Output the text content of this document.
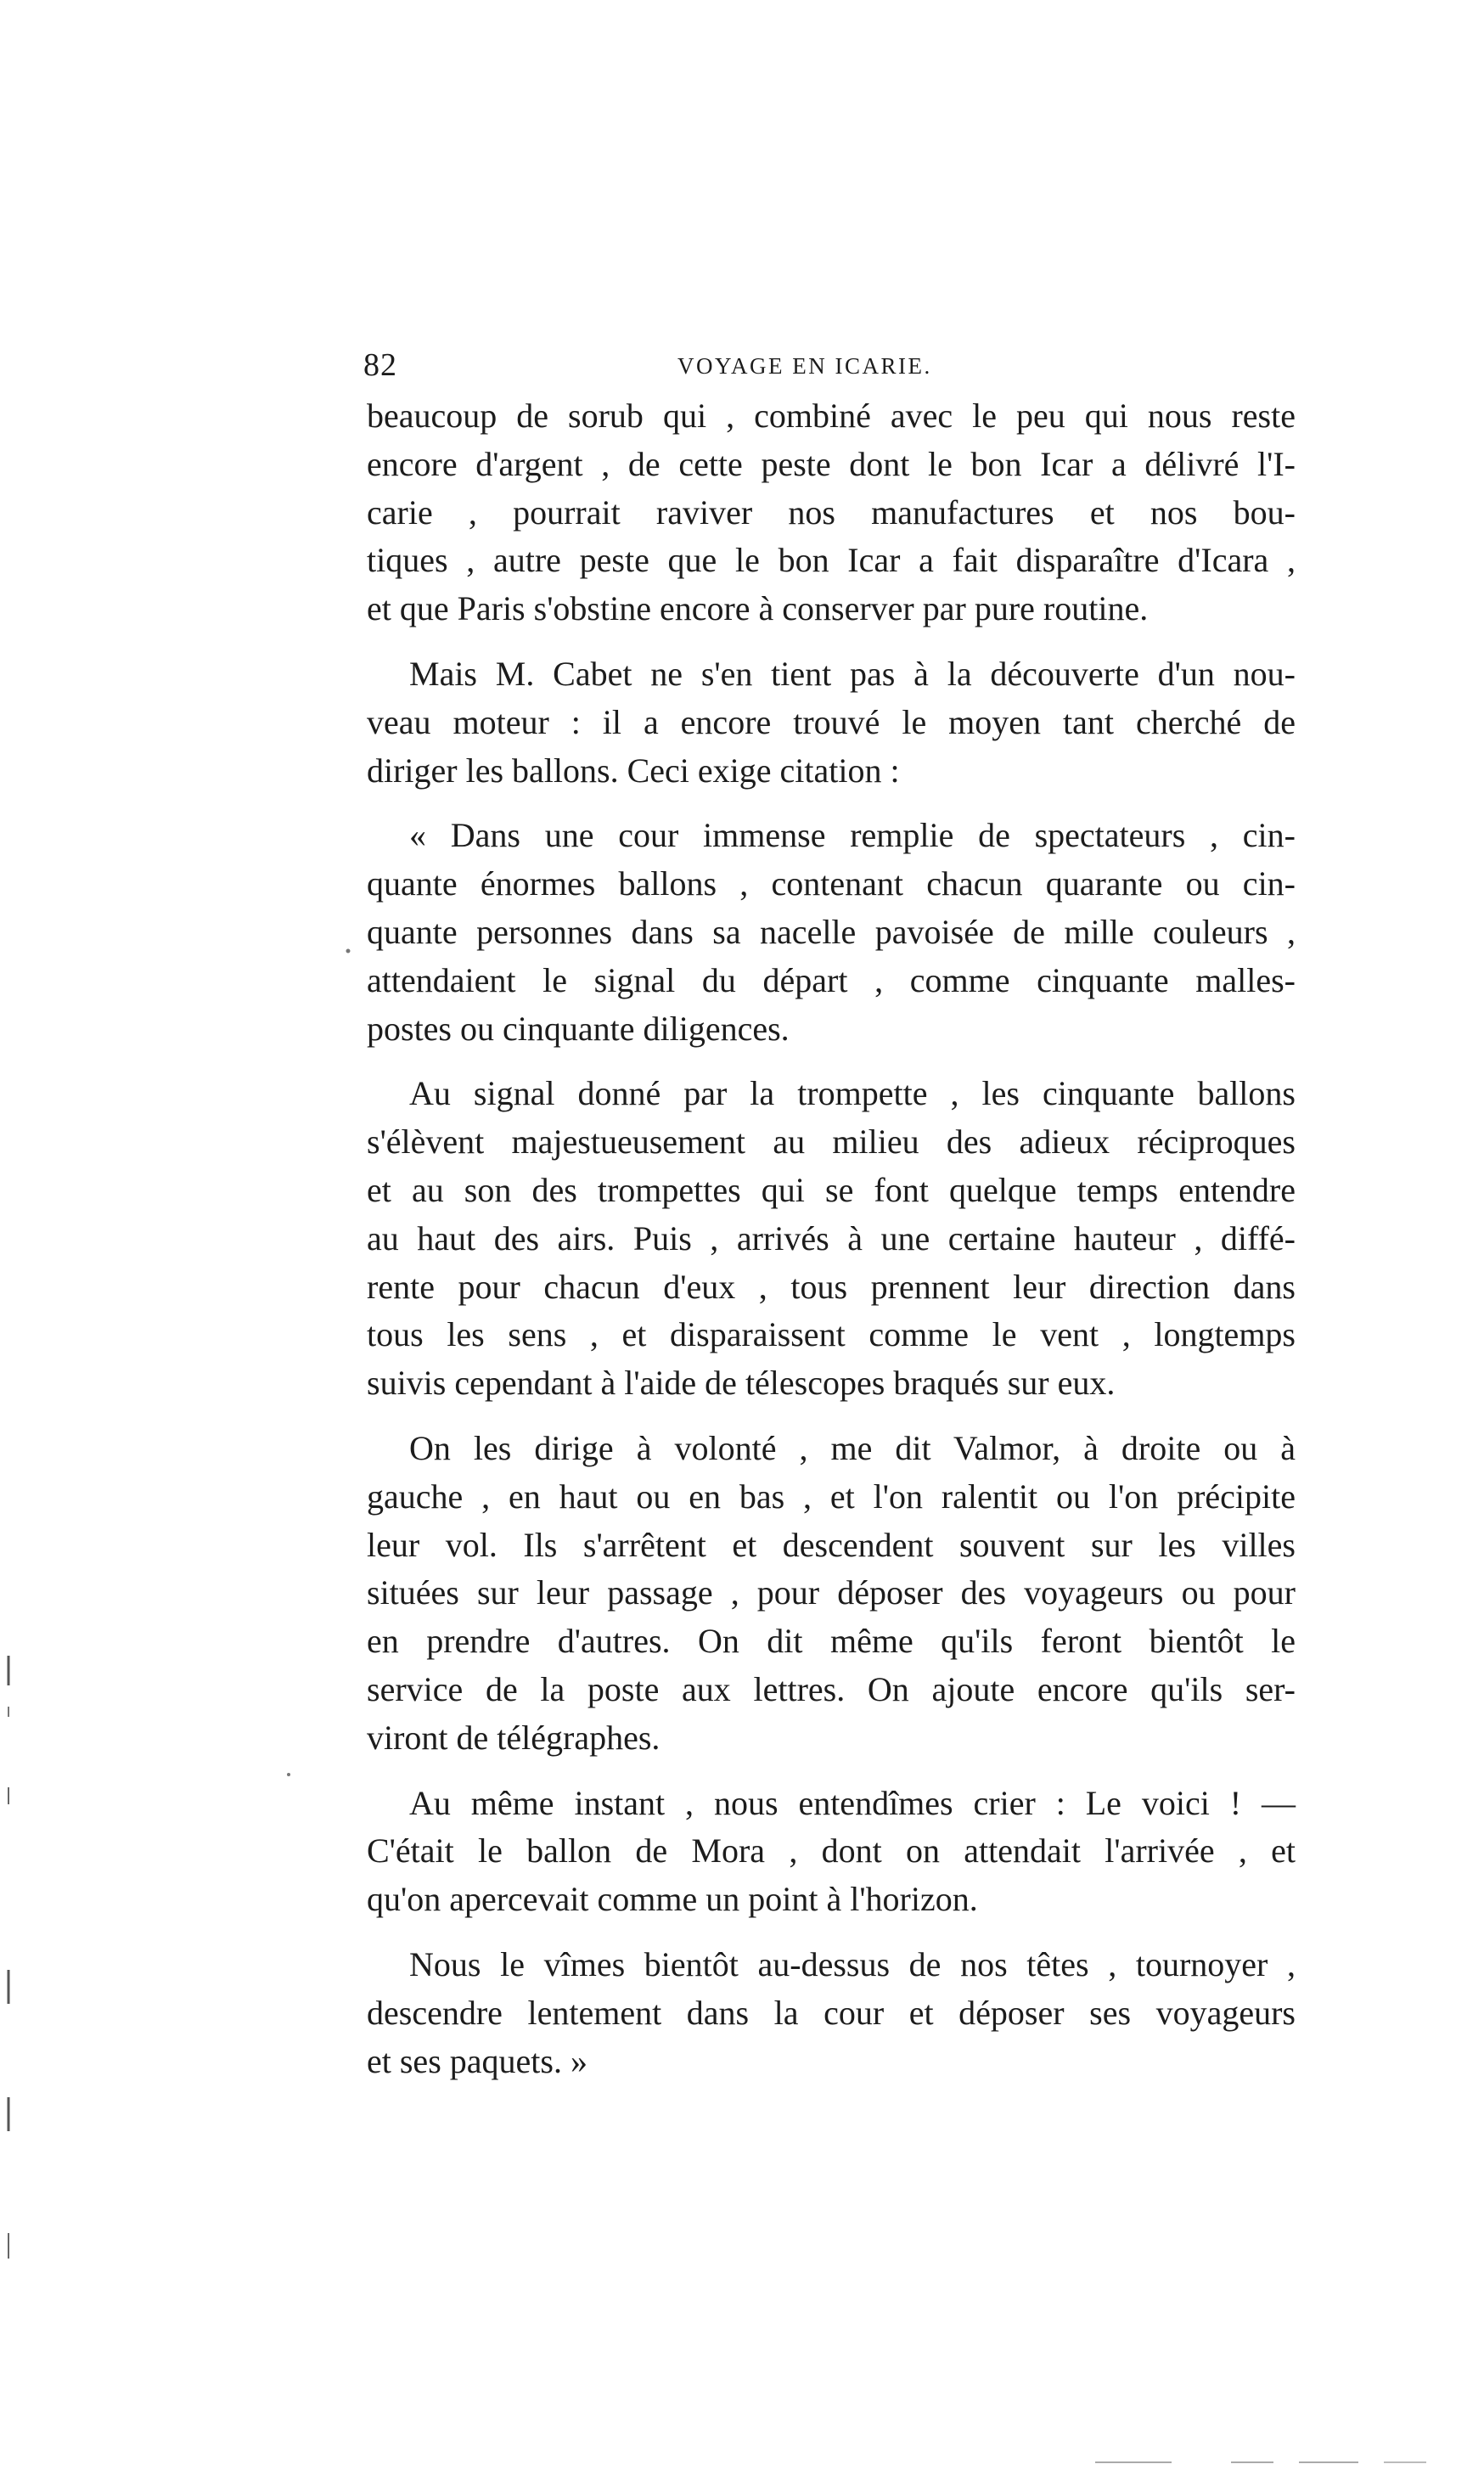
82	VOYAGE EN ICARIE.

beaucoup de sorub qui , combiné avec le peu qui nous reste
encore d'argent , de cette peste dont le bon Icar a délivré l'I-
carie , pourrait raviver nos manufactures et nos bou-
tiques , autre peste que le bon Icar a fait disparaître d'Icara ,
et que Paris s'obstine encore à conserver par pure routine.

Mais M. Cabet ne s'en tient pas à la découverte d'un nou-
veau moteur : il a encore trouvé le moyen tant cherché de
diriger les ballons. Ceci exige citation :

« Dans une cour immense remplie de spectateurs , cin-
quante énormes ballons , contenant chacun quarante ou cin-
quante personnes dans sa nacelle pavoisée de mille couleurs ,
attendaient le signal du départ , comme cinquante malles-
postes ou cinquante diligences.

Au signal donné par la trompette , les cinquante ballons
s'élèvent majestueusement au milieu des adieux réciproques
et au son des trompettes qui se font quelque temps entendre
au haut des airs. Puis , arrivés à une certaine hauteur , diffé-
rente pour chacun d'eux , tous prennent leur direction dans
tous les sens , et disparaissent comme le vent , longtemps
suivis cependant à l'aide de télescopes braqués sur eux.

On les dirige à volonté , me dit Valmor, à droite ou à
gauche , en haut ou en bas , et l'on ralentit ou l'on précipite
leur vol. Ils s'arrêtent et descendent souvent sur les villes
situées sur leur passage , pour déposer des voyageurs ou pour
en prendre d'autres. On dit même qu'ils feront bientôt le
service de la poste aux lettres. On ajoute encore qu'ils ser-
viront de télégraphes.

Au même instant , nous entendîmes crier : Le voici ! —
C'était le ballon de Mora , dont on attendait l'arrivée , et
qu'on apercevait comme un point à l'horizon.

Nous le vîmes bientôt au-dessus de nos têtes , tournoyer ,
descendre lentement dans la cour et déposer ses voyageurs
et ses paquets. »
